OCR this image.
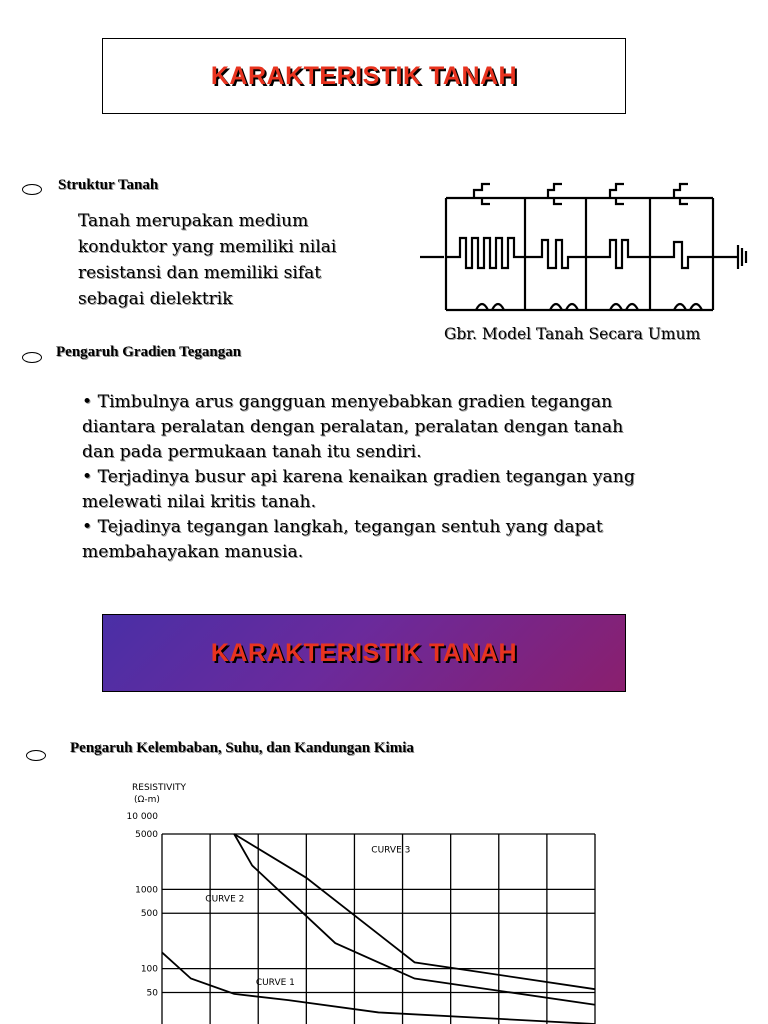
KARAKTERISTIK TANAH
Struktur Tanah
Tanah merupakan medium
konduktor yang memiliki nilai
resistansi dan memiliki sifat
sebagai dielektrik
Gbr. Model Tanah Secara Umum
Pengaruh Gradien Tegangan
• Timbulnya arus gangguan menyebabkan gradien tegangan
diantara peralatan dengan peralatan, peralatan dengan tanah
dan pada permukaan tanah itu sendiri.
• Terjadinya busur api karena kenaikan gradien tegangan yang
melewati nilai kritis tanah.
• Tejadinya tegangan langkah, tegangan sentuh yang dapat
membahayakan manusia.
KARAKTERISTIK TANAH
Pengaruh Kelembaban, Suhu, dan Kandungan Kimia
RESISTIVITY
(Ω-m)
10 000
5000
1000
500
100
50
CURVE 3
CURVE 2
CURVE 1
